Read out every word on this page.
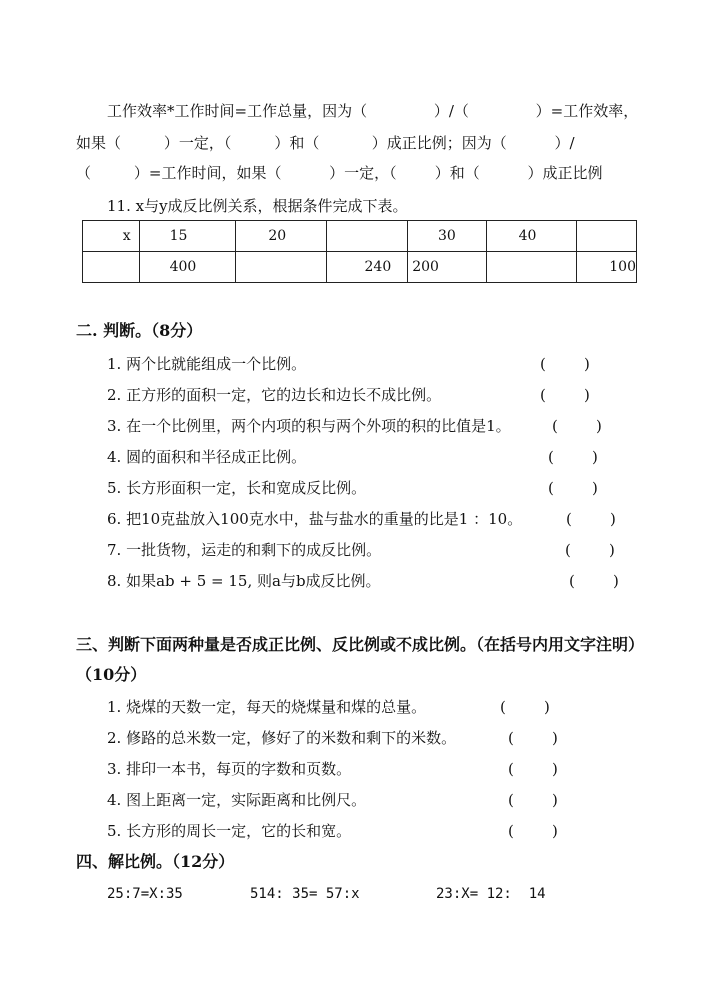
工作效率*工作时间=工作总量，因为（              ）/（              ）=工作效率，
如果（         ）一定，（         ）和（           ）成正比例；因为（          ）/
（         ）=工作时间，如果（          ）一定，（        ）和（          ）成正比例
11. x与y成反比例关系，根据条件完成下表。
x	15	20		30	40	
	400		240	200		100
二. 判断。（8分）
1. 两个比就能组成一个比例。	(        )
2. 正方形的面积一定，它的边长和边长不成比例。	(        )
3. 在一个比例里，两个内项的积与两个外项的积的比值是1。	(        )
4. 圆的面积和半径成正比例。	(        )
5. 长方形面积一定，长和宽成反比例。	(        )
6. 把10克盐放入100克水中，盐与盐水的重量的比是1 ：10。	(        )
7. 一批货物，运走的和剩下的成反比例。	(        )
8. 如果ab + 5 = 15, 则a与b成反比例。	(        )
三、判断下面两种量是否成正比例、反比例或不成比例。（在括号内用文字注明）
（10分）
1. 烧煤的天数一定，每天的烧煤量和煤的总量。	(        )
2. 修路的总米数一定，修好了的米数和剩下的米数。	(        )
3. 排印一本书，每页的字数和页数。	(        )
4. 图上距离一定，实际距离和比例尺。	(        )
5. 长方形的周长一定，它的长和宽。	(        )
四、解比例。（12分）
25:7=X:35	514: 35= 57:x	23:X= 12:  14
